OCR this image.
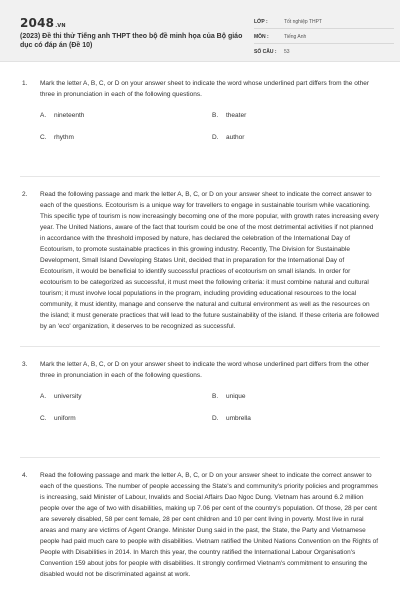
2048.VN
(2023) Đề thi thử Tiếng anh THPT theo bộ đề minh họa của Bộ giáo dục có đáp án (Đề 10)
LỚP :	Tốt nghiệp THPT
MÔN :	Tiếng Anh
SỐ CÂU : 53
1. Mark the letter A, B, C, or D on your answer sheet to indicate the word whose underlined part differs from the other three in pronunciation in each of the following questions.
A. nineteenth	B. theater
C. rhythm	D. author
2. Read the following passage and mark the letter A, B, C, or D on your answer sheet to indicate the correct answer to each of the questions. Ecotourism is a unique way for travellers to engage in sustainable tourism while vacationing. This specific type of tourism is now increasingly becoming one of the more popular, with growth rates increasing every year. The United Nations, aware of the fact that tourism could be one of the most detrimental activities if not planned in accordance with the threshold imposed by nature, has declared the celebration of the International Day of Ecotourism, to promote sustainable practices in this growing industry. Recently, The Division for Sustainable Development, Small Island Developing States Unit, decided that in preparation for the International Day of Ecotourism, it would be beneficial to identify successful practices of ecotourism on small islands. In order for ecotourism to be categorized as successful, it must meet the following criteria: it must combine natural and cultural tourism; it must involve local populations in the program, including providing educational resources to the local community, it must identity, manage and conserve the natural and cultural environment as well as the resources on the island; it must generate practices that will lead to the future sustainability of the island. If these criteria are followed by an 'eco' organization, it deserves to be recognized as successful.
3. Mark the letter A, B, C, or D on your answer sheet to indicate the word whose underlined part differs from the other three in pronunciation in each of the following questions.
A. university	B. unique
C. uniform	D. umbrella
4. Read the following passage and mark the letter A, B, C, or D on your answer sheet to indicate the correct answer to each of the questions. The number of people accessing the State's and community's priority policies and programmes is increasing, said Minister of Labour, Invalids and Social Affairs Dao Ngoc Dung. Vietnam has around 6.2 million people over the age of two with disabilities, making up 7.06 per cent of the country's population. Of those, 28 per cent are severely disabled, 58 per cent female, 28 per cent children and 10 per cent living in poverty. Most live in rural areas and many are victims of Agent Orange. Minister Dung said in the past, the State, the Party and Vietnamese people had paid much care to people with disabilities. Vietnam ratified the United Nations Convention on the Rights of People with Disabilities in 2014. In March this year, the country ratified the International Labour Organisation's Convention 159 about jobs for people with disabilities. It strongly confirmed Vietnam's commitment to ensuring the disabled would not be discriminated against at work.
